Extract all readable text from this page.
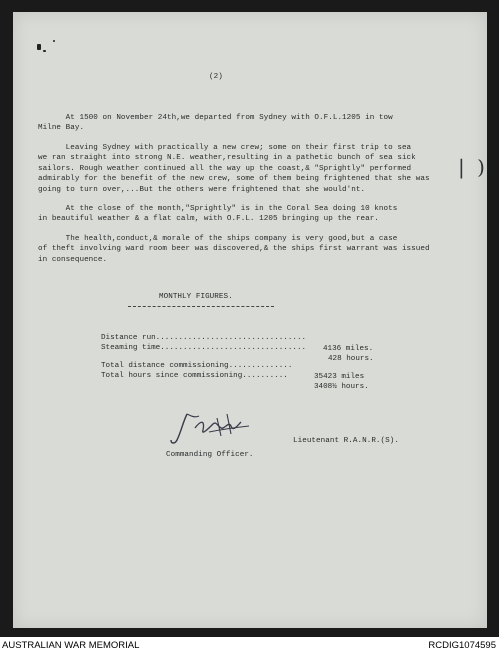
(2)
At 1500 on November 24th,we departed from Sydney with O.F.L.1205 in tow
Milne Bay.
Leaving Sydney with practically a new crew; some on their first trip to sea
we ran straight into strong N.E. weather,resulting in a pathetic bunch of sea sick
sailors. Rough weather continued all the way up the coast,& "Sprightly" performed
admirably for the benefit of the new crew, some of them being frightened that she was
going to turn over,...But the others were frightened that she would'nt.
At the close of the month,"Sprightly" is in the Coral Sea doing 10 knots
in beautiful weather & a flat calm, with O.F.L. 1205 bringing up the rear.
The health,conduct,& morale of the ships company is very good,but a case
of theft involving ward room beer was discovered,& the ships first warrant was issued
in consequence.
| )
MONTHLY FIGURES.

Distance run.................................

4136 miles.

Steaming time................................

428 hours.

Total distance commissioning..............

35423 miles

Total hours since commissioning..........

3408½ hours.

Lieutenant R.A.N.R.(S).
Commanding Officer.
AUSTRALIAN WAR MEMORIAL	RCDIG1074595
